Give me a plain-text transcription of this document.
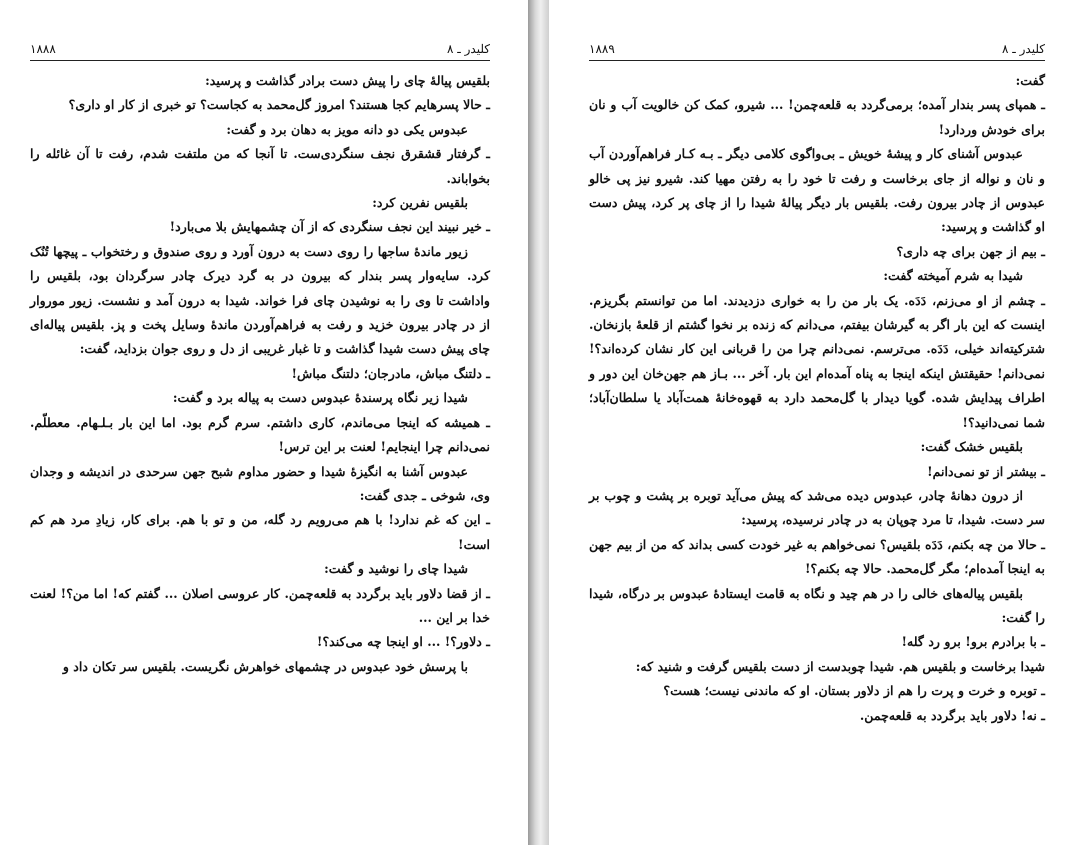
کلیدر ـ ۸
۱۸۸۸

بلقیس پیالهٔ چای را پیش دست برادر گذاشت و پرسید:

ـ حالا پسرهایم کجا هستند؟ امروز گل‌محمد به کجاست؟ تو خبری از کار او داری؟

عبدوس یکی دو دانه مویز به دهان برد و گفت:

ـ گرفتار قشقرق نجف سنگردی‌ست. تا آنجا که من ملتفت شدم، رفت تا آن غائله را بخواباند.

بلقیس نفرین کرد:

ـ خیر نبیند این نجف سنگردی که از آن چشمهایش بلا می‌بارد!

زیور ماندهٔ ساجها را روی دست به درون آورد و روی صندوق و رختخواب ـ پیچها تُنُک کرد. سایه‌وار پسر بندار که بیرون در به گرد دیرک چادر سرگردان بود، بلقیس را واداشت تا وی را به نوشیدن چای فرا خواند. شیدا به درون آمد و نشست. زیور موروار از در چادر بیرون خزید و رفت به فراهم‌آوردن ماندهٔ وسایل پخت و پز. بلقیس پیاله‌ای چای پیش دست شیدا گذاشت و تا غبار غریبی از دل و روی جوان بزداید، گفت:

ـ دلتنگ مباش، مادرجان؛ دلتنگ مباش!

شیدا زیر نگاه پرسندهٔ عبدوس دست به پیاله برد و گفت:

ـ همیشه که اینجا می‌ماندم، کاری داشتم. سرم گرم بود. اما این بار بـلـهام. معطلّم. نمی‌دانم چرا اینجایم! لعنت بر این ترس!

عبدوس آشنا به انگیزهٔ شیدا و حضور مداوم شبح جهن سرحدی در اندیشه و وجدان وی، شوخی ـ جدی گفت:

ـ این که غم ندارد! با هم می‌رویم رد گله، من و تو با هم. برای کار، زیادِ مرد هم کم است!

شیدا چای را نوشید و گفت:

ـ از قضا دلاور باید برگردد به قلعه‌چمن. کار عروسی اصلان ... گفتم که! اما من؟! لعنت خدا بر این ...

ـ دلاور؟! ... او اینجا چه می‌کند؟!

با پرسش خود عبدوس در چشمهای خواهرش نگریست. بلقیس سر تکان داد و

کلیدر ـ ۸
۱۸۸۹

گفت:

ـ همپای پسر بندار آمده؛ برمی‌گردد به قلعه‌چمن! ... شیرو، کمک کن خالویت آب و نان برای خودش وردارد!

عبدوس آشنای کار و پیشهٔ خویش ـ بی‌واگوی کلامی دیگر ـ بـه کـار فراهم‌آوردن آب و نان و نواله از جای برخاست و رفت تا خود را به رفتن مهیا کند. شیرو نیز پی خالو عبدوس از چادر بیرون رفت. بلقیس بار دیگر پیالهٔ شیدا را از چای پر کرد، پیش دست او گذاشت و پرسید:

ـ بیم از جهن برای چه داری؟

شیدا به شرم آمیخته گفت:

ـ چشم از او می‌زنم، دَدَه. یک بار من را به خواری دزدیدند. اما من توانستم بگریزم. اینست که این بار اگر به گیرشان بیفتم، می‌دانم که زنده بر نخوا گشتم از قلعهٔ بازنخان. شترکیته‌اند خیلی، دَدَه. می‌ترسم. نمی‌دانم چرا من را قربانی این کار نشان کرده‌اند؟! نمی‌دانم! حقیقتش اینکه اینجا به پناه آمده‌ام این بار. آخر ... بـاز هم جهن‌خان این دور و اطراف پیدایش شده. گویا دیدار با گل‌محمد دارد به قهوه‌خانهٔ همت‌آباد یا سلطان‌آباد؛ شما نمی‌دانید؟!

بلقیس خشک گفت:

ـ بیشتر از تو نمی‌دانم!

از درون دهانهٔ چادر، عبدوس دیده می‌شد که پیش می‌آید توبره بر پشت و چوب بر سر دست. شیدا، تا مرد چوپان به در چادر نرسیده، پرسید:

ـ حالا من چه بکنم، دَدَه بلقیس؟ نمی‌خواهم به غیر خودت کسی بداند که من از بیم جهن به اینجا آمده‌ام؛ مگر گل‌محمد. حالا چه بکنم؟!

بلقیس پیاله‌های خالی را در هم چید و نگاه به قامت ایستادهٔ عبدوس بر درگاه، شیدا را گفت:

ـ با برادرم برو! برو رد گله!

شیدا برخاست و بلقیس هم. شیدا چوبدست از دست بلقیس گرفت و شنید که:

ـ توبره و خرت و پرت را هم از دلاور بستان. او که ماندنی نیست؛ هست؟

ـ نه! دلاور باید برگردد به قلعه‌چمن.
